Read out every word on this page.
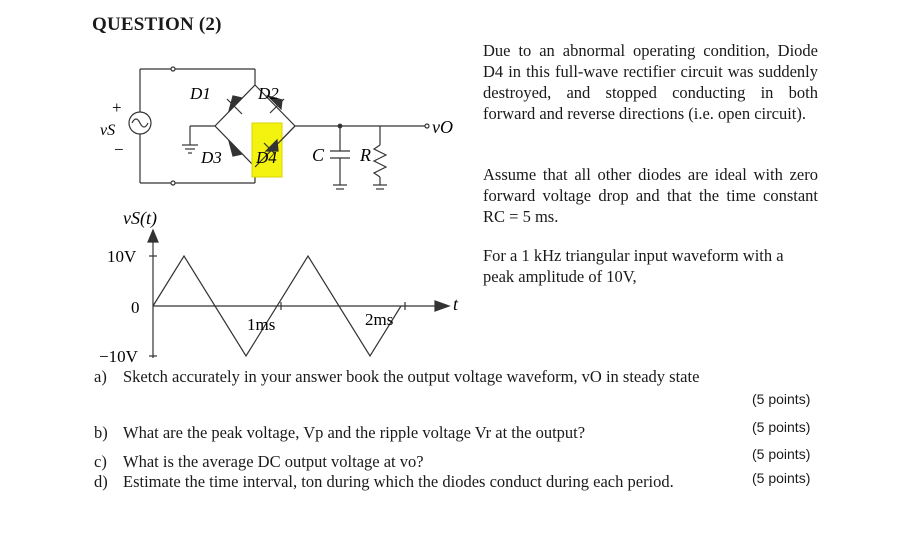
QUESTION (2)
+
−
vS
D1	D2
D3 D4 C R
vO
vS(t)
t
10V
0
−10V
1ms	2ms
Due to an abnormal operating condition, Diode D4 in this full-wave rectifier circuit was suddenly destroyed, and stopped conducting in both forward and reverse directions (i.e. open circuit).
Assume that all other diodes are ideal with zero forward voltage drop and that the time constant RC = 5 ms.
For a 1 kHz triangular input waveform with a peak amplitude of 10V,
a) Sketch accurately in your answer book the output voltage waveform, vO in steady state
(5 points)
b) What are the peak voltage, Vp and the ripple voltage Vr at the output?	(5 points)
c) What is the average DC output voltage at vo?	(5 points)
d) Estimate the time interval, ton during which the diodes conduct during each period.	(5 points)
